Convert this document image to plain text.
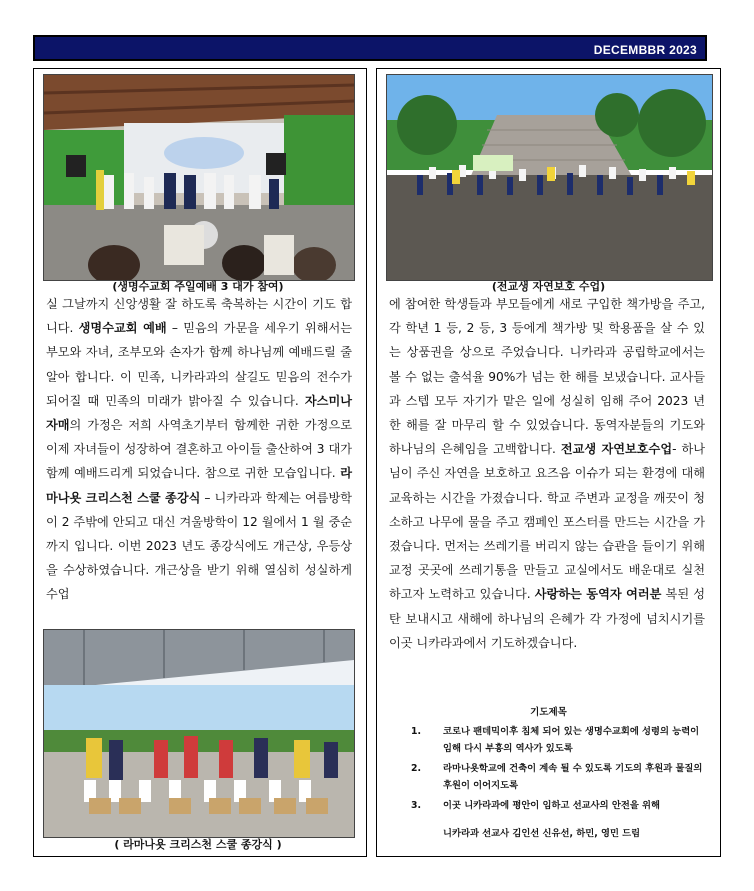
DECEMBBR 2023
(생명수교회 주일예배 3 대가 참여)
실 그날까지 신앙생활 잘 하도록 축복하는 시간이 기도 합니다. 생명수교회 예배 – 믿음의 가문을 세우기 위해서는 부모와 자녀, 조부모와 손자가 함께 하나님께 예배드릴 줄 알아 합니다. 이 민족, 니카라과의 살길도 믿음의 전수가 되어질 때 민족의 미래가 밝아질 수 있습니다. 자스미나 자매의 가정은 저희 사역초기부터 함께한 귀한 가정으로 이제 자녀들이 성장하여 결혼하고 아이들 출산하여 3 대가 함께 예배드리게 되었습니다. 참으로 귀한 모습입니다. 라마나욧 크리스천 스쿨 종강식 – 니카라과 학제는 여름방학이 2 주밖에 안되고 대신 겨울방학이 12 월에서 1 월 중순까지 입니다. 이번 2023 년도 종강식에도 개근상, 우등상을 수상하였습니다. 개근상을 받기 위해 열심히 성실하게 수업
( 라마나욧 크리스천 스쿨 종강식 )
(전교생 자연보호 수업)
에 참여한 학생들과 부모들에게 새로 구입한 책가방을 주고, 각 학년 1 등, 2 등, 3 등에게 책가방 및 학용품을 살 수 있는 상품권을 상으로 주었습니다. 니카라과 공립학교에서는 볼 수 없는 출석율 90%가 넘는 한 해를 보냈습니다. 교사들과 스텝 모두 자기가 맡은 일에 성실히 임해 주어 2023 년 한 해를 잘 마무리 할 수 있었습니다. 동역자분들의 기도와 하나님의 은혜임을 고백합니다. 전교생 자연보호수업- 하나님이 주신 자연을 보호하고 요즈음 이슈가 되는 환경에 대해 교육하는 시간을 가졌습니다. 학교 주변과 교정을 깨끗이 청소하고 나무에 물을 주고 캠페인 포스터를 만드는 시간을 가졌습니다. 먼저는 쓰레기를 버리지 않는 습관을 들이기 위해 교정 곳곳에 쓰레기통을 만들고 교실에서도 배운대로 실천하고자 노력하고 있습니다. 사랑하는 동역자 여러분 복된 성탄 보내시고 새해에 하나님의 은혜가 각 가정에 넘치시기를 이곳 니카라과에서 기도하겠습니다.
기도제목
1. 코로나 팬데믹이후 침체 되어 있는 생명수교회에 성령의 능력이 임해 다시 부흥의 역사가 있도록
2. 라마나욧학교에 건축이 계속 될 수 있도록 기도의 후원과 물질의 후원이 이어지도록
3. 이곳 니카라과에 평안이 임하고 선교사의 안전을 위해
니카라과 선교사 김인선 신유선, 하민, 영민 드림
